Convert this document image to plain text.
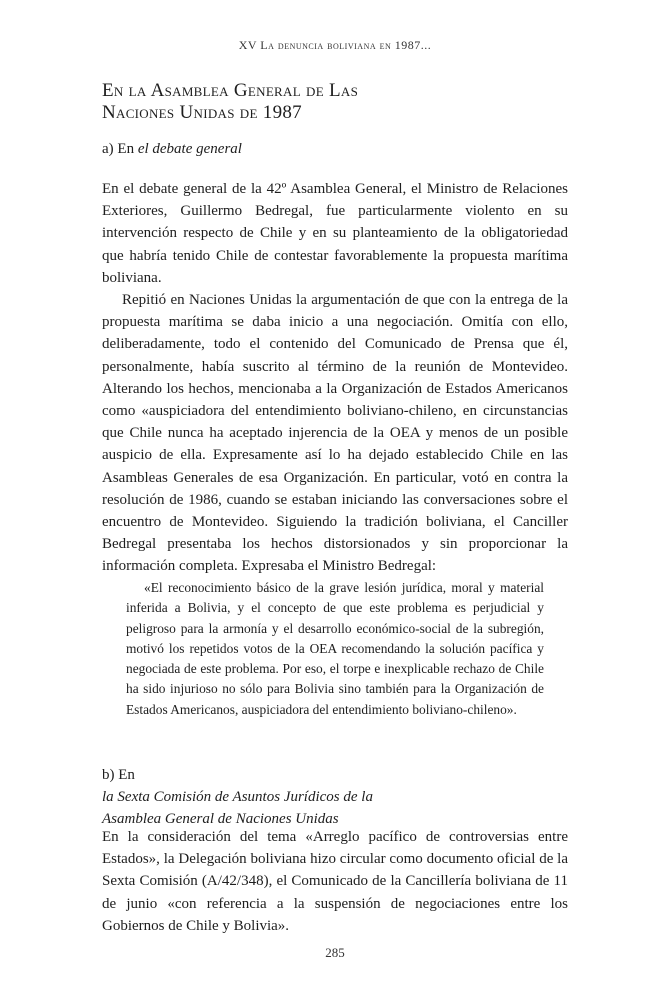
XV La denuncia boliviana en 1987...
En la Asamblea General de Las
Naciones Unidas de 1987
a) En el debate general

En el debate general de la 42º Asamblea General, el Ministro de Relaciones Exteriores, Guillermo Bedregal, fue particularmente violento en su intervención respecto de Chile y en su planteamiento de la obligatoriedad que habría tenido Chile de contestar favorablemente la propuesta marítima boliviana.

Repitió en Naciones Unidas la argumentación de que con la entrega de la propuesta marítima se daba inicio a una negociación. Omitía con ello, deliberadamente, todo el contenido del Comunicado de Prensa que él, personalmente, había suscrito al término de la reunión de Montevideo. Alterando los hechos, mencionaba a la Organización de Estados Americanos como «auspiciadora del entendimiento boliviano-chileno, en circunstancias que Chile nunca ha aceptado injerencia de la OEA y menos de un posible auspicio de ella. Expresamente así lo ha dejado establecido Chile en las Asambleas Generales de esa Organización. En particular, votó en contra la resolución de 1986, cuando se estaban iniciando las conversaciones sobre el encuentro de Montevideo. Siguiendo la tradición boliviana, el Canciller Bedregal presentaba los hechos distorsionados y sin proporcionar la información completa. Expresaba el Ministro Bedregal:

«El reconocimiento básico de la grave lesión jurídica, moral y material inferida a Bolivia, y el concepto de que este problema es perjudicial y peligroso para la armonía y el desarrollo económico-social de la subregión, motivó los repetidos votos de la OEA recomendando la solución pacífica y negociada de este problema. Por eso, el torpe e inexplicable rechazo de Chile ha sido injurioso no sólo para Bolivia sino también para la Organización de Estados Americanos, auspiciadora del entendimiento boliviano-chileno».

b) En
la Sexta Comisión de Asuntos Jurídicos de la
Asamblea General de Naciones Unidas

En la consideración del tema «Arreglo pacífico de controversias entre Estados», la Delegación boliviana hizo circular como documento oficial de la Sexta Comisión (A/42/348), el Comunicado de la Cancillería boliviana de 11 de junio «con referencia a la suspensión de negociaciones entre los Gobiernos de Chile y Bolivia».

285
